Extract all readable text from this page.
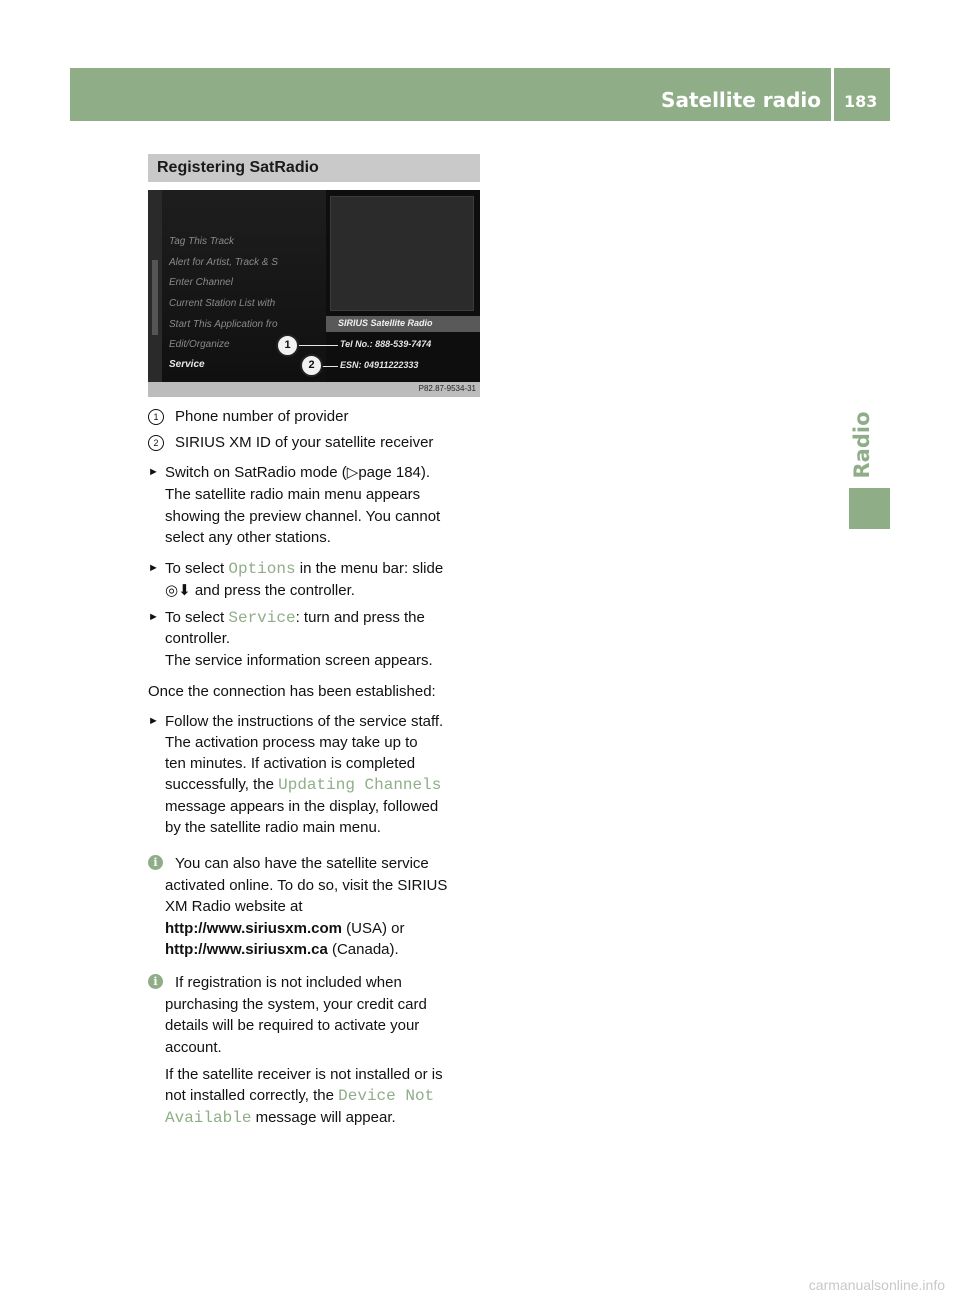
Satellite radio 183
Radio
Registering SatRadio
Tag This Track
Alert for Artist, Track & S
Enter Channel
Current Station List with
Start This Application fro
Edit/Organize
Service
SIRIUS Satellite Radio
Tel No.: 888-539-7474
ESN: 04911222333
1
2
P82.87-9534-31
1	Phone number of provider
2	SIRIUS XM ID of your satellite receiver
► Switch on SatRadio mode (▷page 184).
The satellite radio main menu appears
showing the preview channel. You cannot
select any other stations.
► To select Options in the menu bar: slide
◎⬇ and press the controller.
► To select Service: turn and press the
controller.
The service information screen appears.
Once the connection has been established:
► Follow the instructions of the service staff.
The activation process may take up to
ten minutes. If activation is completed
successfully, the Updating Channels
message appears in the display, followed
by the satellite radio main menu.
i	You can also have the satellite service
activated online. To do so, visit the SIRIUS
XM Radio website at
http://www.siriusxm.com (USA) or
http://www.siriusxm.ca (Canada).
i	If registration is not included when
purchasing the system, your credit card
details will be required to activate your
account.
If the satellite receiver is not installed or is
not installed correctly, the Device Not
Available message will appear.
carmanualsonline.info
